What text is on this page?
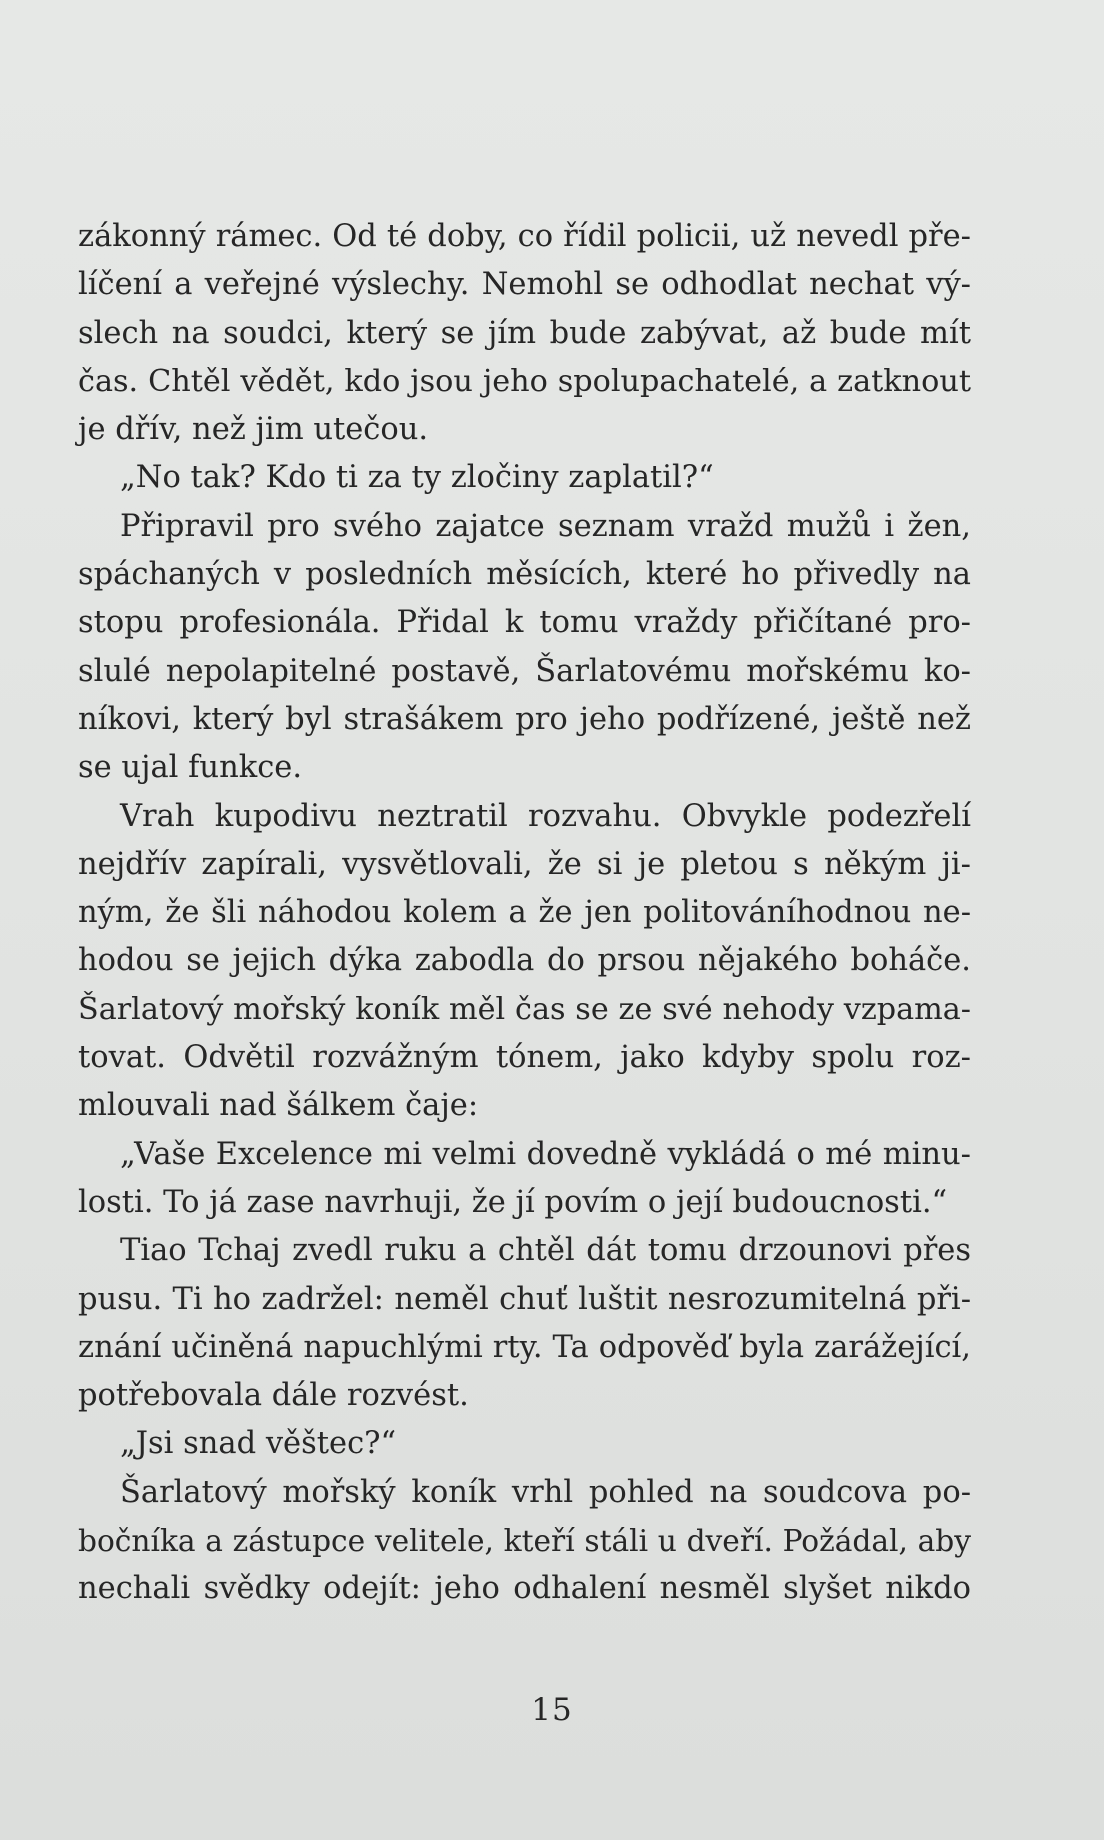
zákonný rámec. Od té doby, co řídil policii, už nevedl pře-
líčení a veřejné výslechy. Nemohl se odhodlat nechat vý-
slech na soudci, který se jím bude zabývat, až bude mít
čas. Chtěl vědět, kdo jsou jeho spolupachatelé, a zatknout
je dřív, než jim utečou.
„No tak? Kdo ti za ty zločiny zaplatil?“
Připravil pro svého zajatce seznam vražd mužů i žen,
spáchaných v posledních měsících, které ho přivedly na
stopu profesionála. Přidal k tomu vraždy přičítané pro-
slulé nepolapitelné postavě, Šarlatovému mořskému ko-
níkovi, který byl strašákem pro jeho podřízené, ještě než
se ujal funkce.
Vrah kupodivu neztratil rozvahu. Obvykle podezřelí
nejdřív zapírali, vysvětlovali, že si je pletou s někým ji-
ným, že šli náhodou kolem a že jen politováníhodnou ne-
hodou se jejich dýka zabodla do prsou nějakého boháče.
Šarlatový mořský koník měl čas se ze své nehody vzpama-
tovat. Odvětil rozvážným tónem, jako kdyby spolu roz-
mlouvali nad šálkem čaje:
„Vaše Excelence mi velmi dovedně vykládá o mé minu-
losti. To já zase navrhuji, že jí povím o její budoucnosti.“
Tiao Tchaj zvedl ruku a chtěl dát tomu drzounovi přes
pusu. Ti ho zadržel: neměl chuť luštit nesrozumitelná při-
znání učiněná napuchlými rty. Ta odpověď byla zarážející,
potřebovala dále rozvést.
„Jsi snad věštec?“
Šarlatový mořský koník vrhl pohled na soudcova po-
bočníka a zástupce velitele, kteří stáli u dveří. Požádal, aby
nechali svědky odejít: jeho odhalení nesměl slyšet nikdo
15
